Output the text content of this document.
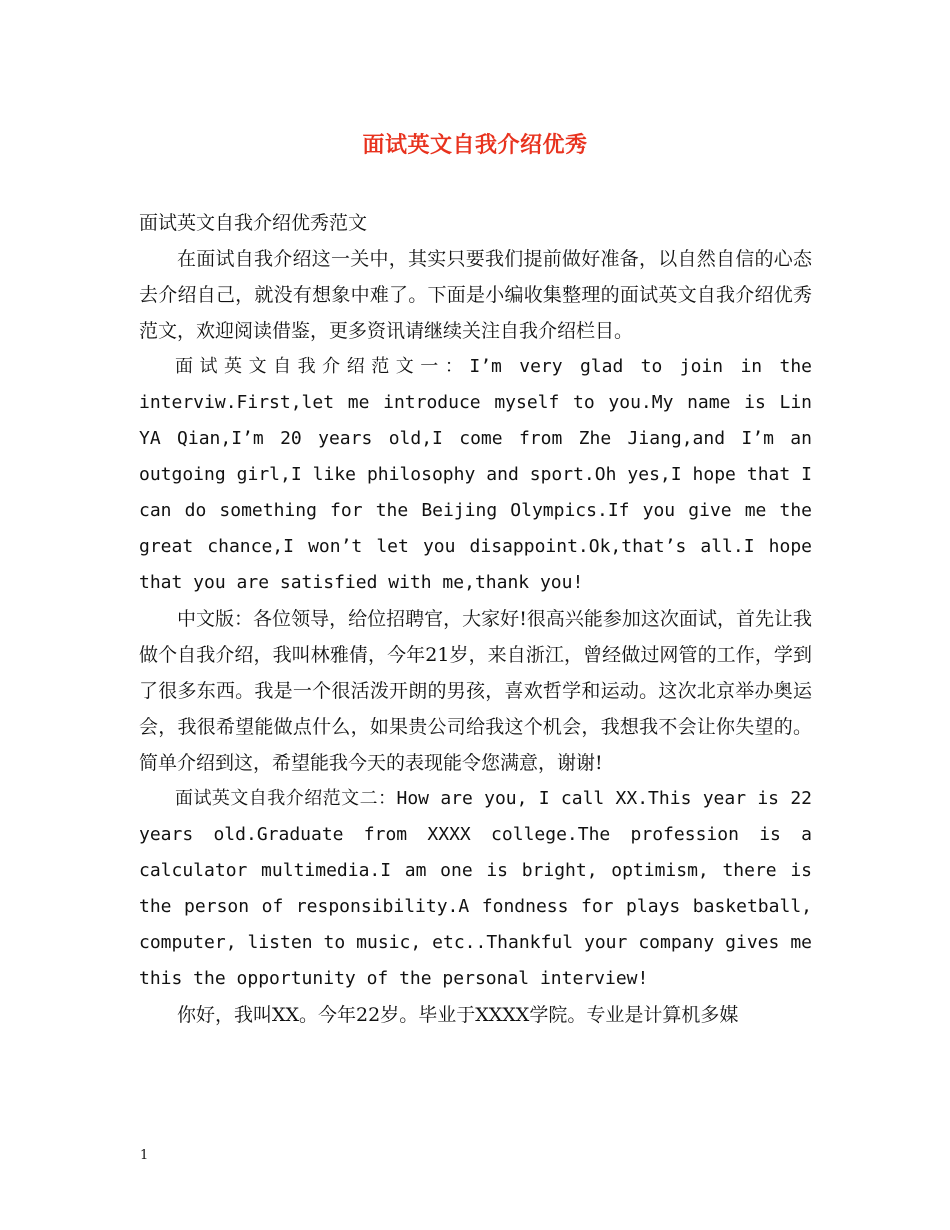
面试英文自我介绍优秀

面试英文自我介绍优秀范文

在面试自我介绍这一关中，其实只要我们提前做好准备，以自然自信的心态去介绍自己，就没有想象中难了。下面是小编收集整理的面试英文自我介绍优秀范文，欢迎阅读借鉴，更多资讯请继续关注自我介绍栏目。

面试英文自我介绍范文一：I’m very glad to join in the interviw.First,let me introduce myself to you.My name is Lin YA Qian,I’m 20 years old,I come from Zhe Jiang,and I’m an outgoing girl,I like philosophy and sport.Oh yes,I hope that I can do something for the Beijing Olympics.If you give me the great chance,I won’t let you disappoint.Ok,that’s all.I hope that you are satisfied with me,thank you!

中文版：各位领导，给位招聘官，大家好!很高兴能参加这次面试，首先让我做个自我介绍，我叫林雅倩，今年21岁，来自浙江，曾经做过网管的工作，学到了很多东西。我是一个很活泼开朗的男孩，喜欢哲学和运动。这次北京举办奥运会，我很希望能做点什么，如果贵公司给我这个机会，我想我不会让你失望的。简单介绍到这，希望能我今天的表现能令您满意，谢谢!

面试英文自我介绍范文二：How are you, I call XX.This year is 22 years old.Graduate from XXXX college.The profession is a calculator multimedia.I am one is bright, optimism, there is the person of responsibility.A fondness for plays basketball, computer, listen to music, etc..Thankful your company gives me this the opportunity of the personal interview!

你好，我叫XX。今年22岁。毕业于XXXX学院。专业是计算机多媒

1
